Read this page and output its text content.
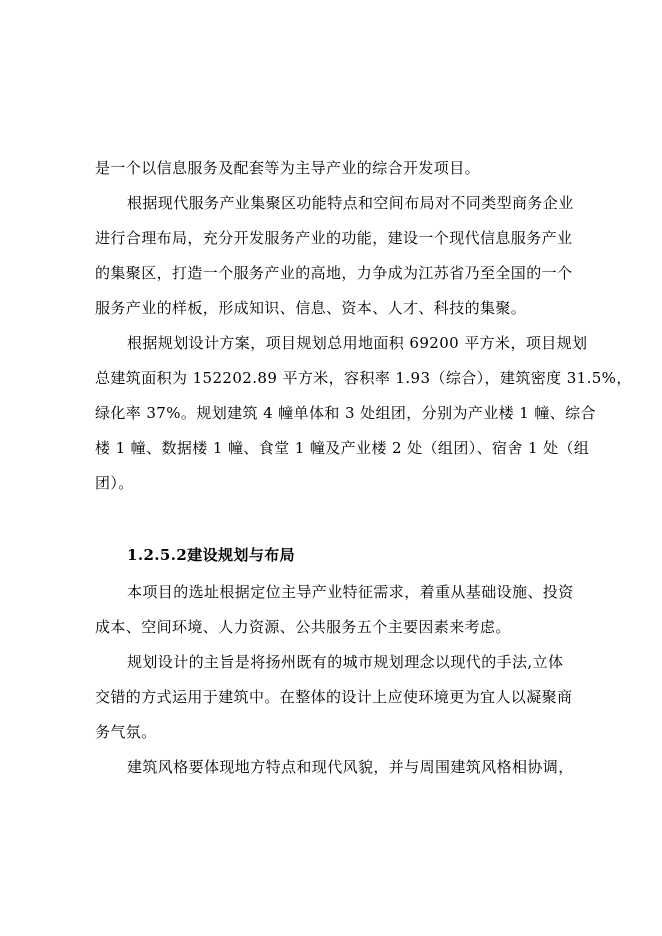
是一个以信息服务及配套等为主导产业的综合开发项目。
根据现代服务产业集聚区功能特点和空间布局对不同类型商务企业
进行合理布局，充分开发服务产业的功能，建设一个现代信息服务产业
的集聚区，打造一个服务产业的高地，力争成为江苏省乃至全国的一个
服务产业的样板，形成知识、信息、资本、人才、科技的集聚。
根据规划设计方案，项目规划总用地面积 69200 平方米，项目规划
总建筑面积为 152202.89 平方米，容积率 1.93（综合），建筑密度 31.5%，
绿化率 37%。规划建筑 4 幢单体和 3 处组团，分别为产业楼 1 幢、综合
楼 1 幢、数据楼 1 幢、食堂 1 幢及产业楼 2 处（组团）、宿舍 1 处（组
团）。
1.2.5.2建设规划与布局
本项目的选址根据定位主导产业特征需求，着重从基础设施、投资
成本、空间环境、人力资源、公共服务五个主要因素来考虑。
规划设计的主旨是将扬州既有的城市规划理念以现代的手法,立体
交错的方式运用于建筑中。在整体的设计上应使环境更为宜人以凝聚商
务气氛。
建筑风格要体现地方特点和现代风貌，并与周围建筑风格相协调，
